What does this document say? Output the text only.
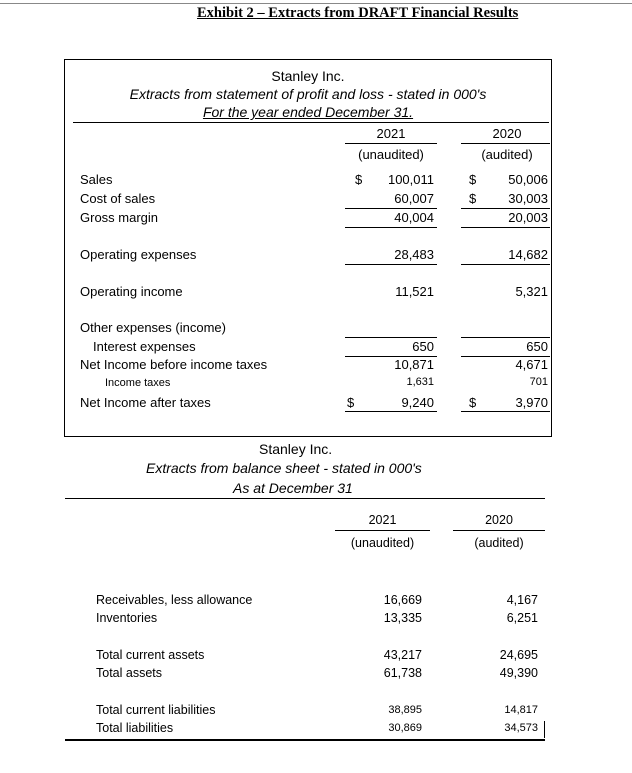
Exhibit 2 – Extracts from DRAFT Financial Results
Stanley Inc.
Extracts from statement of profit and loss - stated in 000's
For the year ended December 31.
2021	2020
(unaudited)	(audited)
Sales	$ 100,011	$ 50,006
Cost of sales	60,007	$ 30,003
Gross margin	40,004	20,003
Operating expenses	28,483	14,682
Operating income	11,521	5,321
Other expenses (income)
Interest expenses	650	650
Net Income before income taxes	10,871	4,671
Income taxes	1,631	701
Net Income after taxes	$	9,240	$	3,970
Stanley Inc.
Extracts from balance sheet - stated in 000's
As at December 31
2021	2020
(unaudited)	(audited)
Receivables, less allowance	16,669	4,167
Inventories	13,335	6,251
Total current assets	43,217	24,695
Total assets	61,738	49,390
Total current liabilities	38,895	14,817
Total liabilities	30,869	34,573
